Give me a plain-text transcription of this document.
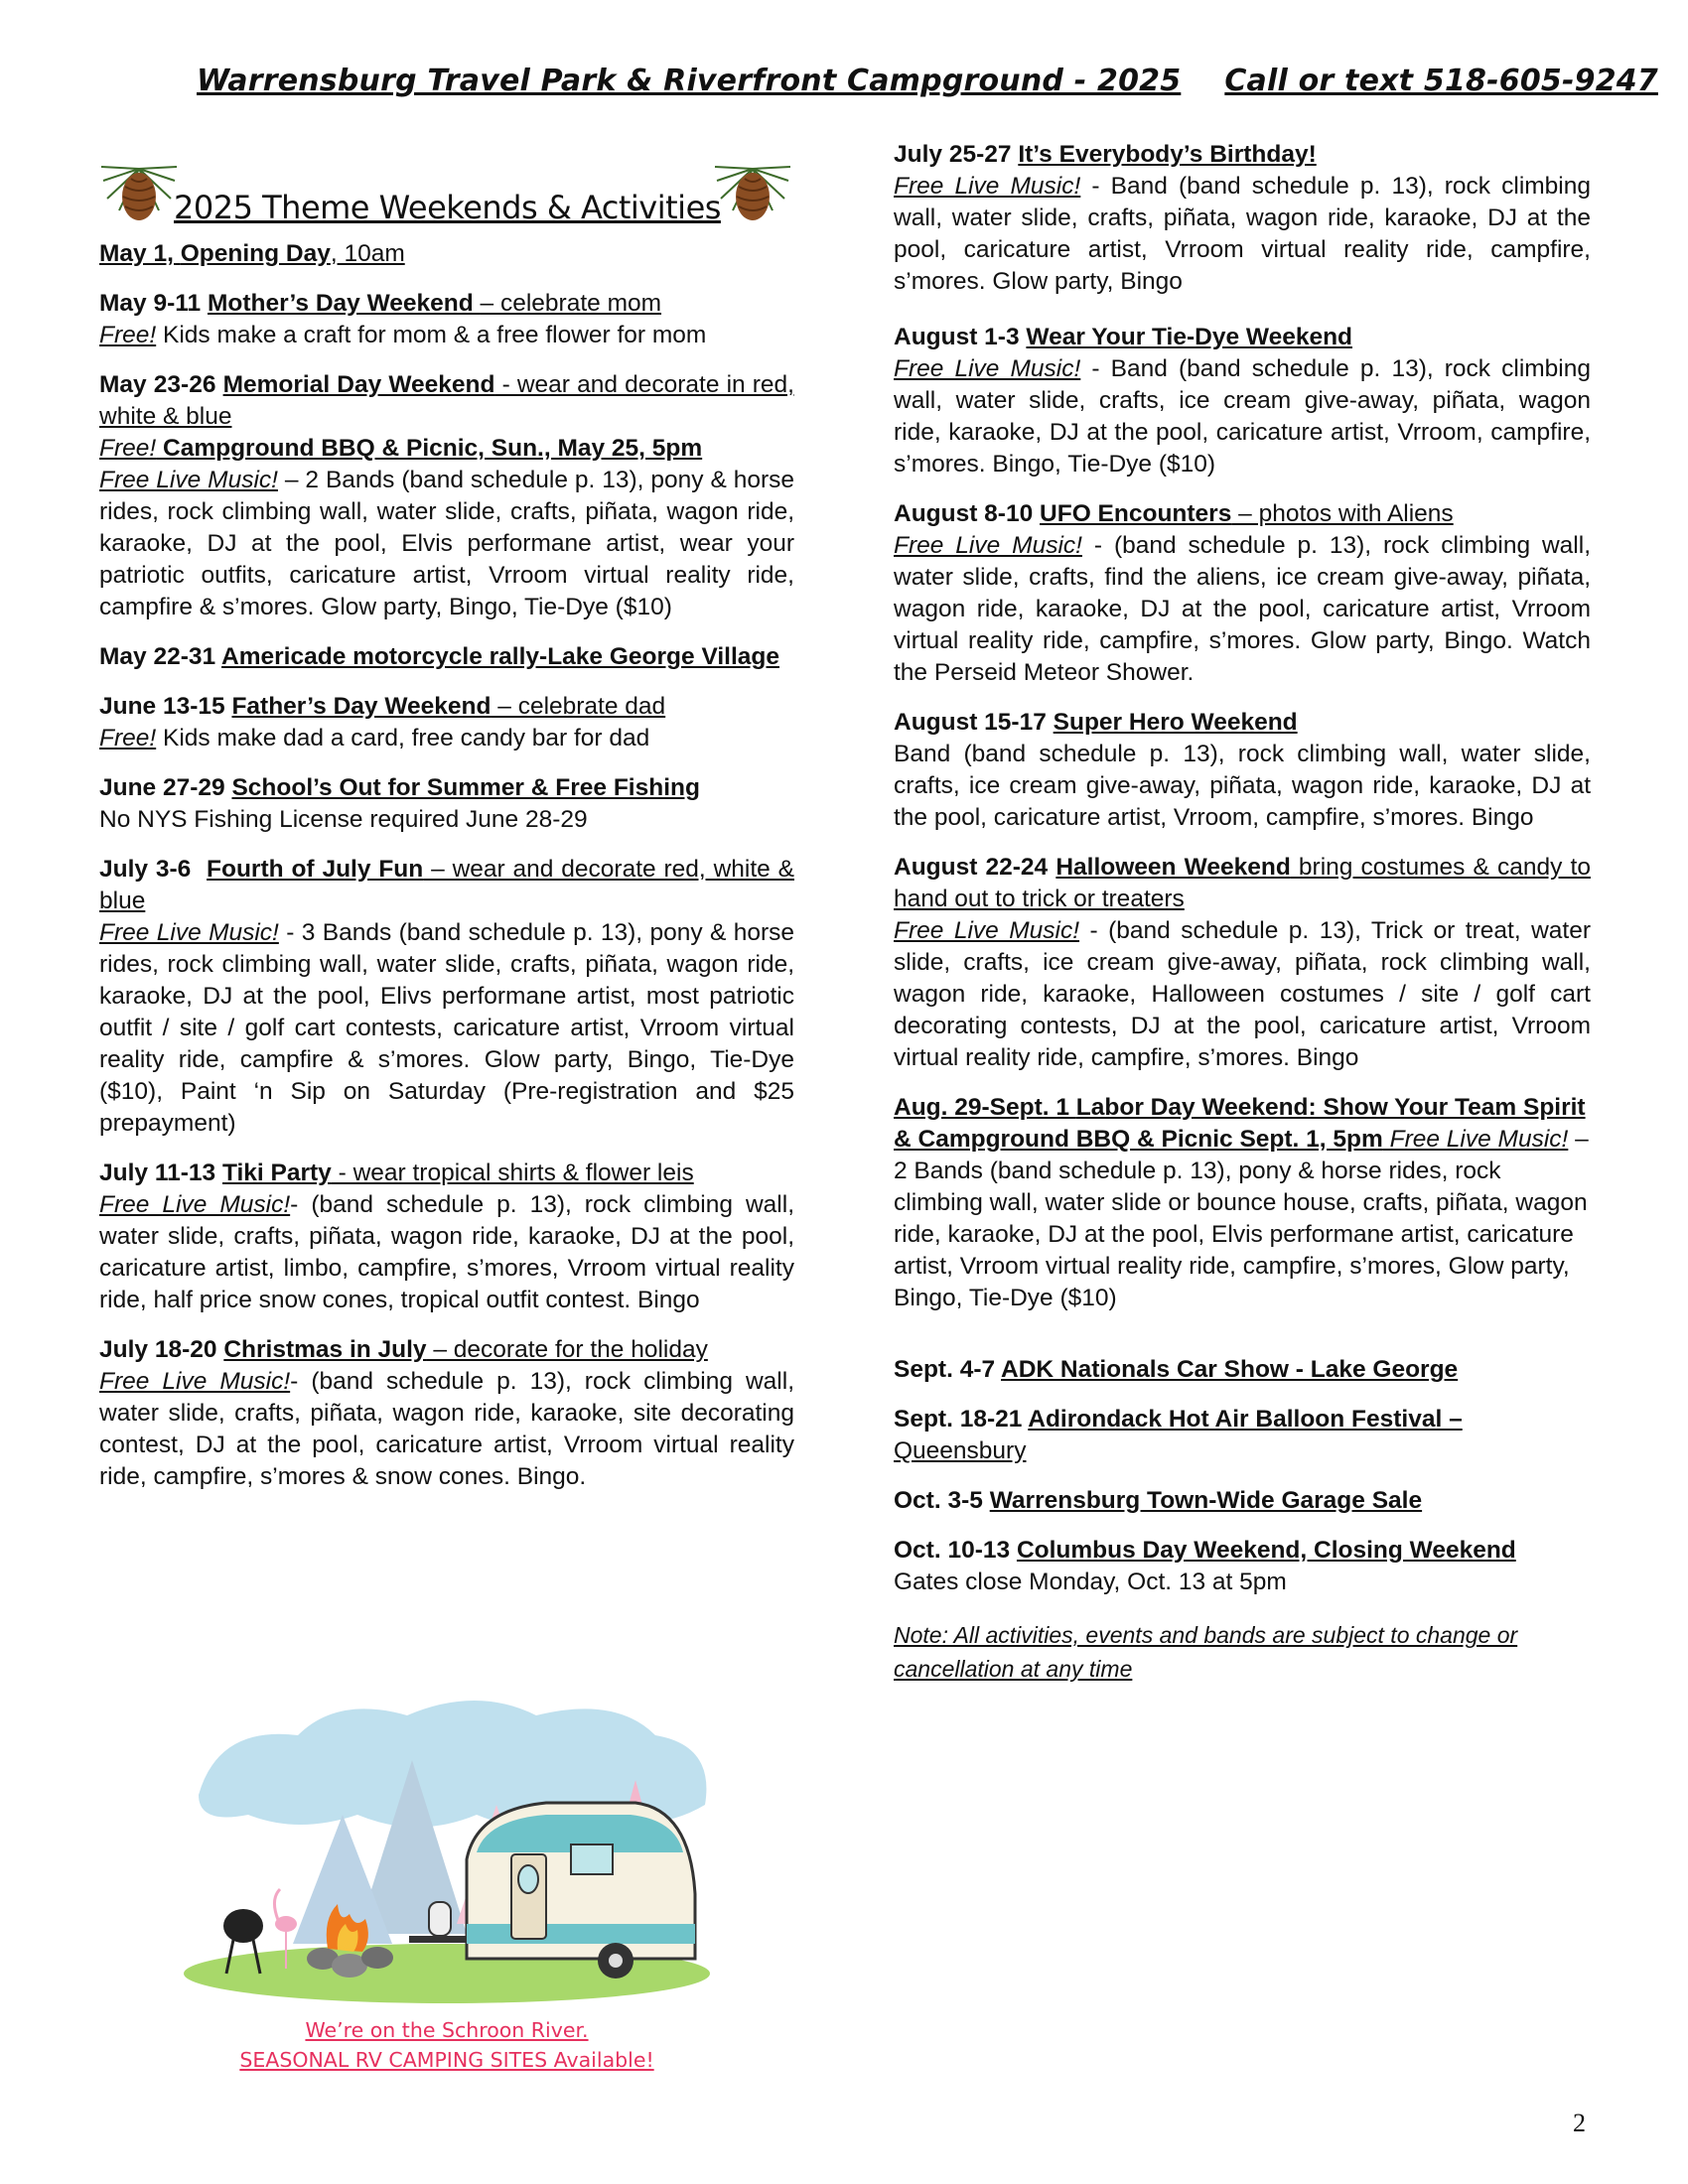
Warrensburg Travel Park & Riverfront Campground - 2025 Call or text 518-605-9247
2025 Theme Weekends & Activities
May 1, Opening Day, 10am
May 9-11 Mother’s Day Weekend – celebrate mom
Free! Kids make a craft for mom & a free flower for mom
May 23-26 Memorial Day Weekend - wear and decorate in red, white & blue
Free! Campground BBQ & Picnic, Sun., May 25, 5pm
Free Live Music! – 2 Bands (band schedule p. 13), pony & horse rides, rock climbing wall, water slide, crafts, piñata, wagon ride, karaoke, DJ at the pool, Elvis performane artist, wear your patriotic outfits, caricature artist, Vrroom virtual reality ride, campfire & s’mores. Glow party, Bingo, Tie-Dye ($10)
May 22-31 Americade motorcycle rally-Lake George Village
June 13-15 Father’s Day Weekend – celebrate dad
Free! Kids make dad a card, free candy bar for dad
June 27-29 School’s Out for Summer & Free Fishing
No NYS Fishing License required June 28-29
July 3-6  Fourth of July Fun – wear and decorate red, white & blue
Free Live Music! - 3 Bands (band schedule p. 13), pony & horse rides, rock climbing wall, water slide, crafts, piñata, wagon ride, karaoke, DJ at the pool, Elivs performane artist, most patriotic outfit / site / golf cart contests, caricature artist, Vrroom virtual reality ride, campfire & s’mores. Glow party, Bingo, Tie-Dye ($10), Paint ‘n Sip on Saturday (Pre-registration and $25 prepayment)
July 11-13 Tiki Party - wear tropical shirts & flower leis
Free Live Music!- (band schedule p. 13), rock climbing wall, water slide, crafts, piñata, wagon ride, karaoke, DJ at the pool, caricature artist, limbo, campfire, s’mores, Vrroom virtual reality ride, half price snow cones, tropical outfit contest. Bingo
July 18-20 Christmas in July – decorate for the holiday
Free Live Music!- (band schedule p. 13), rock climbing wall, water slide, crafts, piñata, wagon ride, karaoke, site decorating contest, DJ at the pool, caricature artist, Vrroom virtual reality ride, campfire, s’mores & snow cones. Bingo.
We’re on the Schroon River.
SEASONAL RV CAMPING SITES Available!
July 25-27 It’s Everybody’s Birthday!
Free Live Music! - Band (band schedule p. 13), rock climbing wall, water slide, crafts, piñata, wagon ride, karaoke, DJ at the pool, caricature artist, Vrroom virtual reality ride, campfire, s’mores. Glow party, Bingo
August 1-3 Wear Your Tie-Dye Weekend
Free Live Music! - Band (band schedule p. 13), rock climbing wall, water slide, crafts, ice cream give-away, piñata, wagon ride, karaoke, DJ at the pool, caricature artist, Vrroom, campfire, s’mores. Bingo, Tie-Dye ($10)
August 8-10 UFO Encounters – photos with Aliens
Free Live Music! - (band schedule p. 13), rock climbing wall, water slide, crafts, find the aliens, ice cream give-away, piñata, wagon ride, karaoke, DJ at the pool, caricature artist, Vrroom virtual reality ride, campfire, s’mores. Glow party, Bingo. Watch the Perseid Meteor Shower.
August 15-17 Super Hero Weekend
Band (band schedule p. 13), rock climbing wall, water slide, crafts, ice cream give-away, piñata, wagon ride, karaoke, DJ at the pool, caricature artist, Vrroom, campfire, s’mores. Bingo
August 22-24 Halloween Weekend bring costumes & candy to hand out to trick or treaters
Free Live Music! - (band schedule p. 13), Trick or treat, water slide, crafts, ice cream give-away, piñata, rock climbing wall, wagon ride, karaoke, Halloween costumes / site / golf cart decorating contests, DJ at the pool, caricature artist, Vrroom virtual reality ride, campfire, s’mores. Bingo
Aug. 29-Sept. 1 Labor Day Weekend: Show Your Team Spirit & Campground BBQ & Picnic Sept. 1, 5pm Free Live Music! – 2 Bands (band schedule p. 13), pony & horse rides, rock climbing wall, water slide or bounce house, crafts, piñata, wagon ride, karaoke, DJ at the pool, Elvis performane artist, caricature artist, Vrroom virtual reality ride, campfire, s’mores, Glow party, Bingo, Tie-Dye ($10)
Sept. 4-7 ADK Nationals Car Show - Lake George
Sept. 18-21 Adirondack Hot Air Balloon Festival – Queensbury
Oct. 3-5 Warrensburg Town-Wide Garage Sale
Oct. 10-13 Columbus Day Weekend, Closing Weekend
Gates close Monday, Oct. 13 at 5pm
Note: All activities, events and bands are subject to change or cancellation at any time
2
